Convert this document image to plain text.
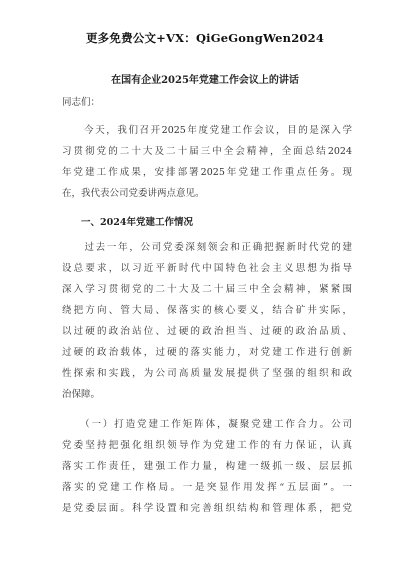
更多免费公文+VX：QiGeGongWen2024
在国有企业2025年党建工作会议上的讲话
同志们：
　　今天，我们召开2025年度党建工作会议，目的是深入学
习贯彻党的二十大及二十届三中全会精神，全面总结2024
年党建工作成果，安排部署2025年党建工作重点任务。现
在，我代表公司党委讲两点意见。
　　一、2024年党建工作情况
　　过去一年，公司党委深刻领会和正确把握新时代党的建
设总要求，以习近平新时代中国特色社会主义思想为指导
深入学习贯彻党的二十大及二十届三中全会精神，紧紧围
绕把方向、管大局、保落实的核心要义，结合矿井实际，
以过硬的政治站位、过硬的政治担当、过硬的政治品质、
过硬的政治载体，过硬的落实能力，对党建工作进行创新
性探索和实践，为公司高质量发展提供了坚强的组织和政
治保障。
　　（一）打造党建工作矩阵体，凝聚党建工作合力。公司
党委坚持把强化组织领导作为党建工作的有力保证，认真
落实工作责任，建强工作力量，构建一级抓一级、层层抓
落实的党建工作格局。一是突显作用发挥“五层面”。一
是党委层面。科学设置和完善组织结构和管理体系，把党
